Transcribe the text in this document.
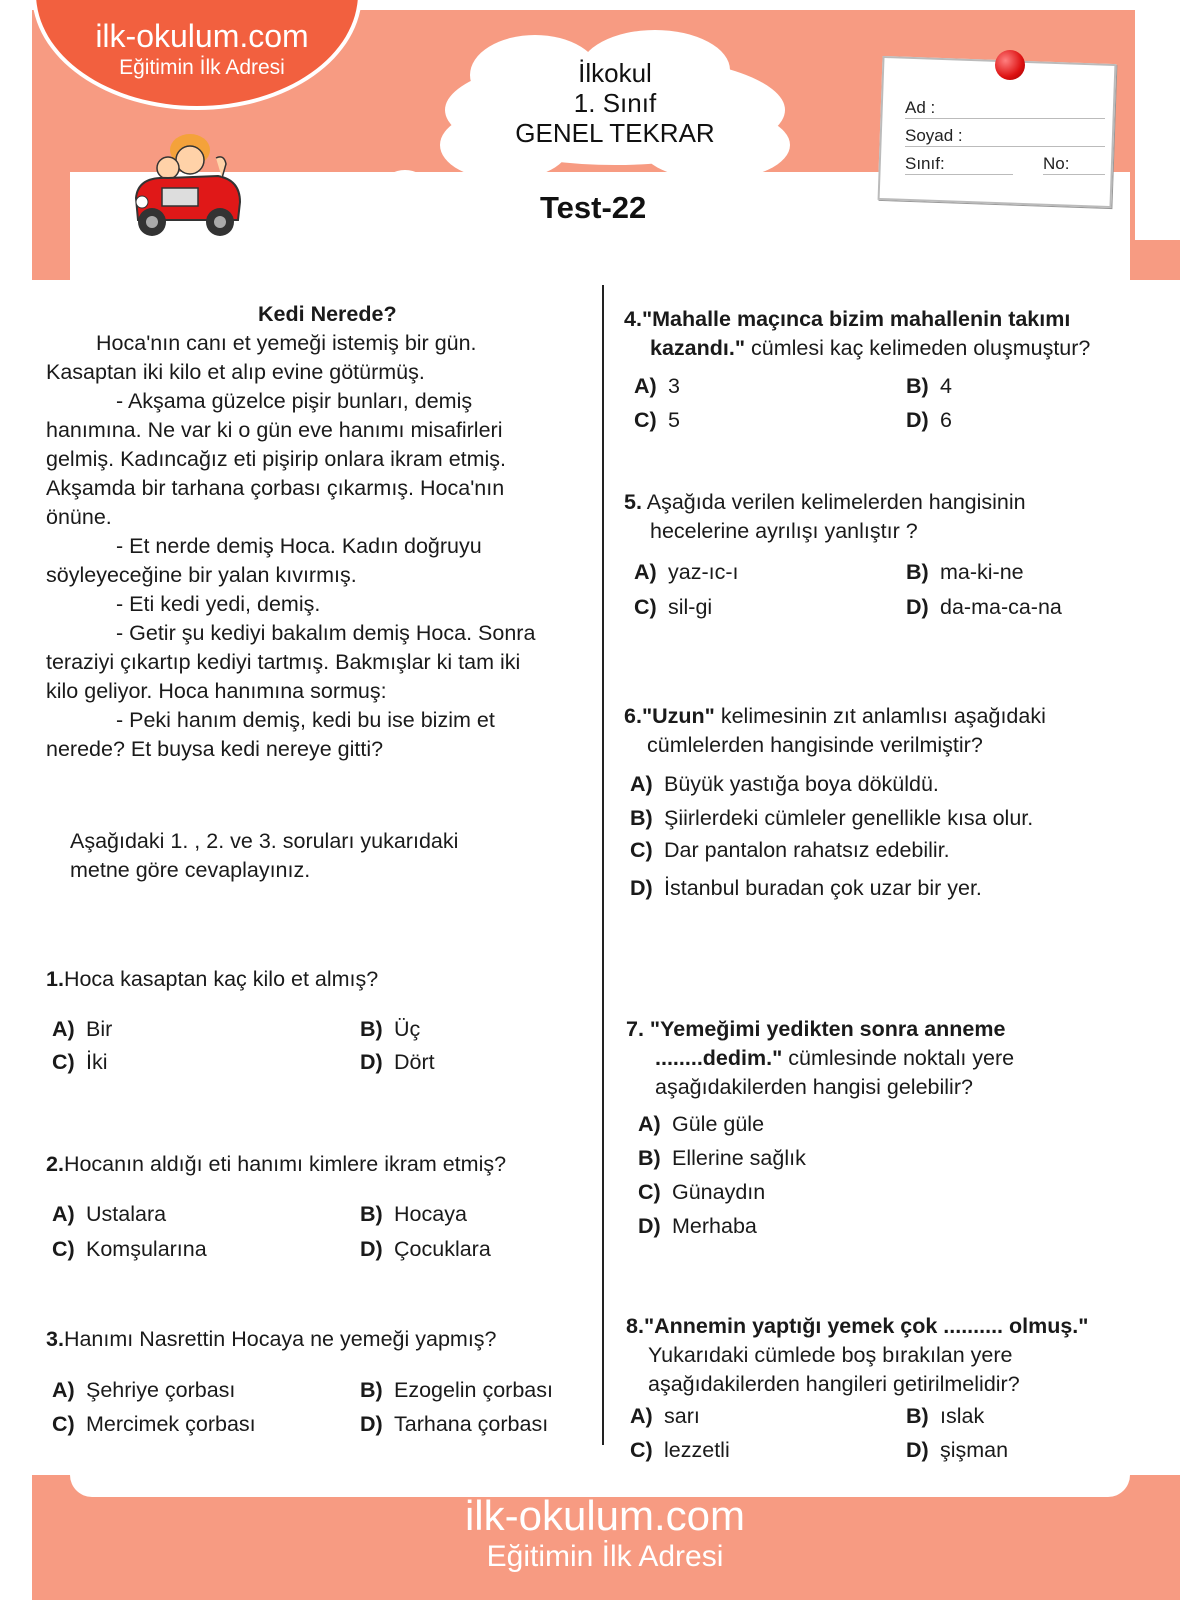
ilk-okulum.com
Eğitimin İlk Adresi	İlkokul
1. Sınıf
GENEL TEKRAR
Ad :
Soyad :
Sınıf:	No:
Test-22
Kedi Nerede?
Hoca'nın canı et yemeği istemiş bir gün.
Kasaptan iki kilo et alıp evine götürmüş.
- Akşama güzelce pişir bunları, demiş
hanımına. Ne var ki o gün eve hanımı misafirleri
gelmiş. Kadıncağız eti pişirip onlara ikram etmiş.
Akşamda bir tarhana çorbası çıkarmış. Hoca'nın
önüne.
- Et nerde demiş Hoca. Kadın doğruyu
söyleyeceğine bir yalan kıvırmış.
- Eti kedi yedi, demiş.
- Getir şu kediyi bakalım demiş Hoca. Sonra
teraziyi çıkartıp kediyi tartmış. Bakmışlar ki tam iki
kilo geliyor. Hoca hanımına sormuş:
- Peki hanım demiş, kedi bu ise bizim et
nerede? Et buysa kedi nereye gitti?
Aşağıdaki 1. , 2. ve 3. soruları yukarıdaki
metne göre cevaplayınız.
1.Hoca kasaptan kaç kilo et almış?
A) Bir	B) Üç
C) İki	D) Dört
2.Hocanın aldığı eti hanımı kimlere ikram etmiş?
A) Ustalara	B) Hocaya
C) Komşularına	D) Çocuklara
3.Hanımı Nasrettin Hocaya ne yemeği yapmış?
A) Şehriye çorbası	B) Ezogelin çorbası
C) Mercimek çorbası	D) Tarhana çorbası
4."Mahalle maçınca bizim mahallenin takımı
kazandı." cümlesi kaç kelimeden oluşmuştur?
A) 3	B) 4
C) 5	D) 6
5. Aşağıda verilen kelimelerden hangisinin
hecelerine ayrılışı yanlıştır ?
A) yaz-ıc-ı	B) ma-ki-ne
C) sil-gi	D) da-ma-ca-na
6."Uzun" kelimesinin zıt anlamlısı aşağıdaki
cümlelerden hangisinde verilmiştir?
A) Büyük yastığa boya döküldü.
B) Şiirlerdeki cümleler genellikle kısa olur.
C) Dar pantalon rahatsız edebilir.
D) İstanbul buradan çok uzar bir yer.
7. "Yemeğimi yedikten sonra anneme
........dedim." cümlesinde noktalı yere
aşağıdakilerden hangisi gelebilir?
A) Güle güle
B) Ellerine sağlık
C) Günaydın
D) Merhaba
8."Annemin yaptığı yemek çok .......... olmuş."
Yukarıdaki cümlede boş bırakılan yere
aşağıdakilerden hangileri getirilmelidir?
A) sarı	B) ıslak
C) lezzetli	D) şişman
ilk-okulum.com
Eğitimin İlk Adresi
